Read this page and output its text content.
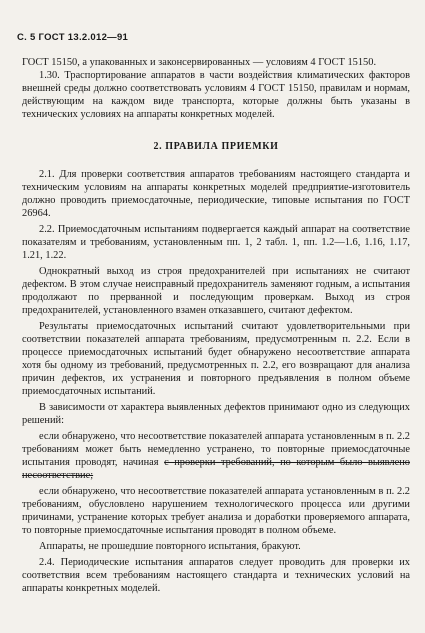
С. 5 ГОСТ 13.2.012—91

ГОСТ 15150, а упакованных и законсервированных — условиям 4 ГОСТ 15150.

1.30. Траспортирование аппаратов в части воздействия климатических факторов внешней среды должно соответствовать условиям 4 ГОСТ 15150, правилам и нормам, действующим на каждом виде транспорта, которые должны быть указаны в технических условиях на аппараты конкретных моделей.

2. ПРАВИЛА ПРИЕМКИ

2.1. Для проверки соответствия аппаратов требованиям настоящего стандарта и техническим условиям на аппараты конкретных моделей предприятие-изготовитель должно проводить приемосдаточные, периодические, типовые испытания по ГОСТ 26964.

2.2. Приемосдаточным испытаниям подвергается каждый аппарат на соответствие показателям и требованиям, установленным пп. 1, 2 табл. 1, пп. 1.2—1.6, 1.16, 1.17, 1.21, 1.22.

Однократный выход из строя предохранителей при испытаниях не считают дефектом. В этом случае неисправный предохранитель заменяют годным, а испытания продолжают по прерванной и последующим проверкам. Выход из строя предохранителей, установленного взамен отказавшего, считают дефектом.

Результаты приемосдаточных испытаний считают удовлетворительными при соответствии показателей аппарата требованиям, предусмотренным п. 2.2. Если в процессе приемосдаточных испытаний будет обнаружено несоответствие аппарата хотя бы одному из требований, предусмотренных п. 2.2, его возвращают для анализа причин дефектов, их устранения и повторного предъявления в полном объеме приемосдаточных испытаний.

В зависимости от характера выявленных дефектов принимают одно из следующих решений:

если обнаружено, что несоответствие показателей аппарата установленным в п. 2.2 требованиям может быть немедленно устранено, то повторные приемосдаточные испытания проводят, начиная с проверки требований, по которым было выявлено несоответствие;

если обнаружено, что несоответствие показателей аппарата установленным в п. 2.2 требованиям, обусловлено нарушением технологического процесса или другими причинами, устранение которых требует анализа и доработки проверяемого аппарата, то повторные приемосдаточные испытания проводят в полном объеме.

Аппараты, не прошедшие повторного испытания, бракуют.

2.4. Периодические испытания аппаратов следует проводить для проверки их соответствия всем требованиям настоящего стандарта и технических условий на аппараты конкретных моделей.
